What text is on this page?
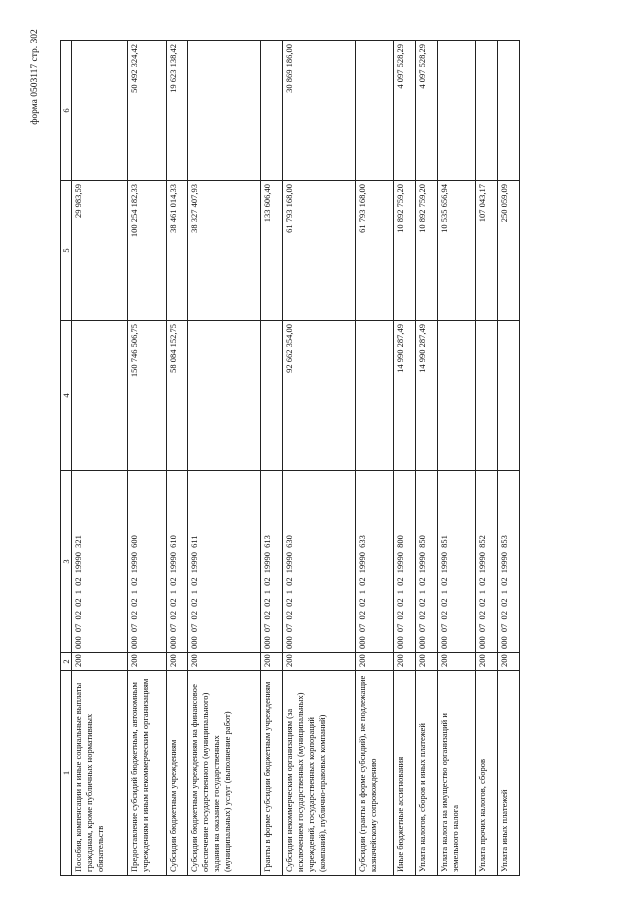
форма 0503117 стр. 302
1	2	3	4	5	6
Пособия, компенсации и иные социальные выплаты гражданам, кроме публичных нормативных обязательств	200	000 07 02 02 1 02 19990 321		29 983,59	
Предоставление субсидий бюджетным, автономным учреждениям и иным некоммерческим организациям	200	000 07 02 02 1 02 19990 600	150 746 506,75	100 254 182,33	50 492 324,42
Субсидии бюджетным учреждениям	200	000 07 02 02 1 02 19990 610	58 084 152,75	38 461 014,33	19 623 138,42
Субсидии бюджетным учреждениям на финансовое обеспечение государственного (муниципального) задания на оказание государственных (муниципальных) услуг (выполнение работ)	200	000 07 02 02 1 02 19990 611		38 327 407,93	
Гранты в форме субсидии бюджетным учреждениям	200	000 07 02 02 1 02 19990 613		133 606,40	
Субсидии некоммерческим организациям (за исключением государственных (муниципальных) учреждений, государственных корпораций (компаний), публично-правовых компаний)	200	000 07 02 02 1 02 19990 630	92 662 354,00	61 793 168,00	30 869 186,00
Субсидии (гранты в форме субсидий), не подлежащие казначейскому сопровождению	200	000 07 02 02 1 02 19990 633		61 793 168,00	
Иные бюджетные ассигнования	200	000 07 02 02 1 02 19990 800	14 990 287,49	10 892 759,20	4 097 528,29
Уплата налогов, сборов и иных платежей	200	000 07 02 02 1 02 19990 850	14 990 287,49	10 892 759,20	4 097 528,29
Уплата налога на имущество организаций и земельного налога	200	000 07 02 02 1 02 19990 851		10 535 656,94	
Уплата прочих налогов, сборов	200	000 07 02 02 1 02 19990 852		107 043,17	
Уплата иных платежей	200	000 07 02 02 1 02 19990 853		250 059,09	
